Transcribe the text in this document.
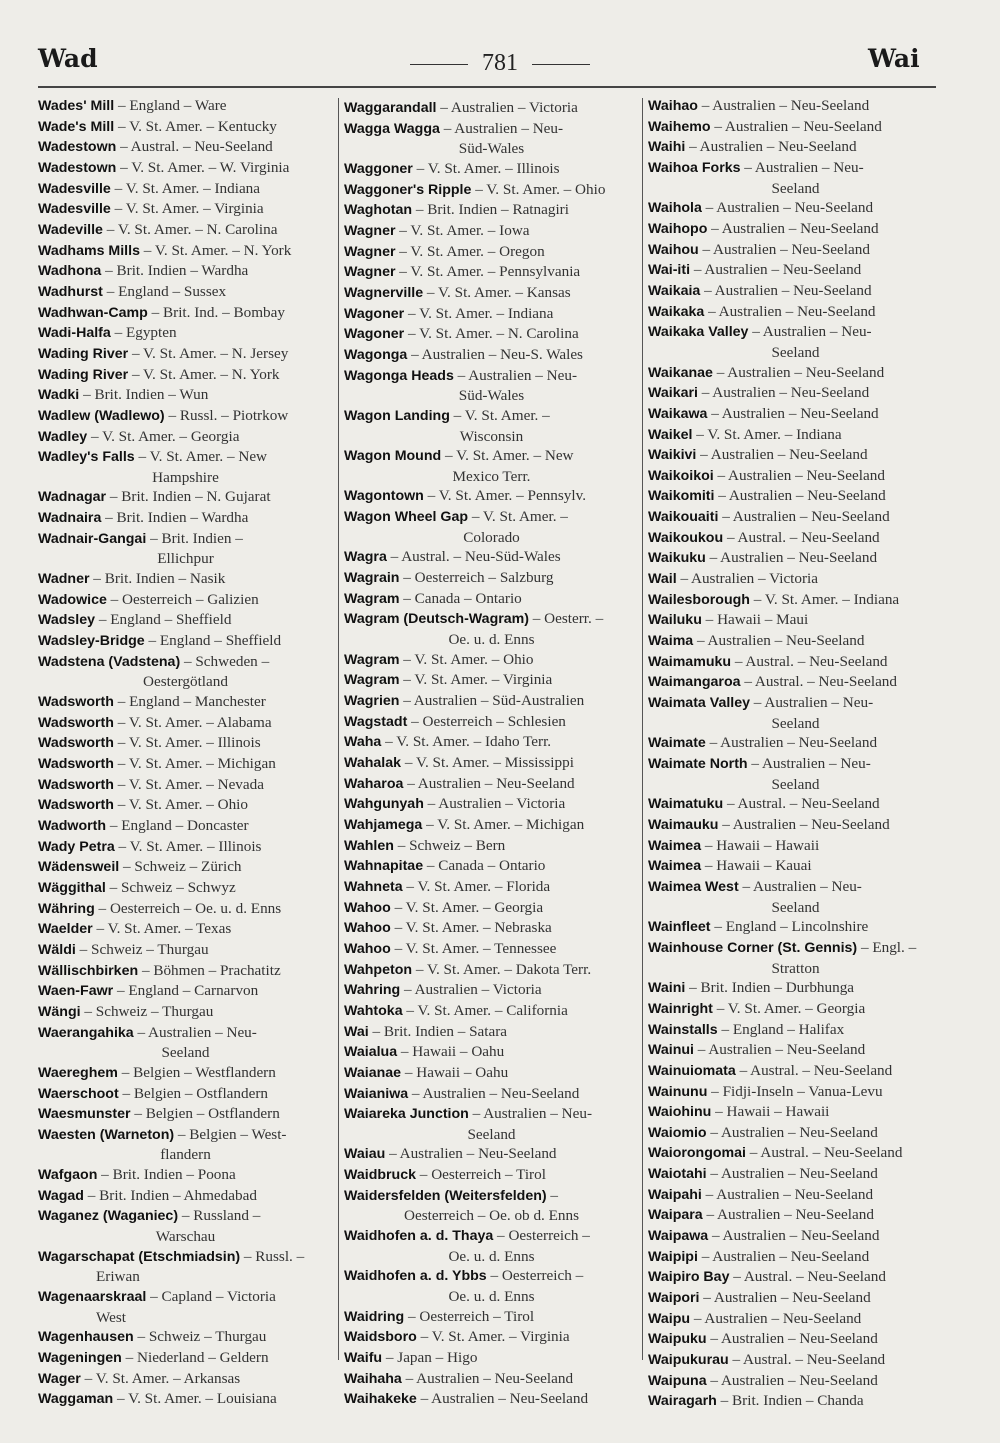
Wad	781	Wai
Wades' Mill – England – Ware
Wade's Mill – V. St. Amer. – Kentucky
Wadestown – Austral. – Neu-Seeland
Wadestown – V. St. Amer. – W. Virginia
Wadesville – V. St. Amer. – Indiana
Wadesville – V. St. Amer. – Virginia
Wadeville – V. St. Amer. – N. Carolina
Wadhams Mills – V. St. Amer. – N. York
Wadhona – Brit. Indien – Wardha
Wadhurst – England – Sussex
Wadhwan-Camp – Brit. Ind. – Bombay
Wadi-Halfa – Egypten
Wading River – V. St. Amer. – N. Jersey
Wading River – V. St. Amer. – N. York
Wadki – Brit. Indien – Wun
Wadlew (Wadlewo) – Russl. – Piotrkow
Wadley – V. St. Amer. – Georgia
Wadley's Falls – V. St. Amer. – New
Hampshire
Wadnagar – Brit. Indien – N. Gujarat
Wadnaira – Brit. Indien – Wardha
Wadnair-Gangai – Brit. Indien –
Ellichpur
Wadner – Brit. Indien – Nasik
Wadowice – Oesterreich – Galizien
Wadsley – England – Sheffield
Wadsley-Bridge – England – Sheffield
Wadstena (Vadstena) – Schweden –
Oestergötland
Wadsworth – England – Manchester
Wadsworth – V. St. Amer. – Alabama
Wadsworth – V. St. Amer. – Illinois
Wadsworth – V. St. Amer. – Michigan
Wadsworth – V. St. Amer. – Nevada
Wadsworth – V. St. Amer. – Ohio
Wadworth – England – Doncaster
Wady Petra – V. St. Amer. – Illinois
Wädensweil – Schweiz – Zürich
Wäggithal – Schweiz – Schwyz
Währing – Oesterreich – Oe. u. d. Enns
Waelder – V. St. Amer. – Texas
Wäldi – Schweiz – Thurgau
Wällischbirken – Böhmen – Prachatitz
Waen-Fawr – England – Carnarvon
Wängi – Schweiz – Thurgau
Waerangahika – Australien – Neu-
Seeland
Waereghem – Belgien – Westflandern
Waerschoot – Belgien – Ostflandern
Waesmunster – Belgien – Ostflandern
Waesten (Warneton) – Belgien – West-
flandern
Wafgaon – Brit. Indien – Poona
Wagad – Brit. Indien – Ahmedabad
Waganez (Waganiec) – Russland –
Warschau
Wagarschapat (Etschmiadsin) – Russl. –
Eriwan
Wagenaarskraal – Capland – Victoria
West
Wagenhausen – Schweiz – Thurgau
Wageningen – Niederland – Geldern
Wager – V. St. Amer. – Arkansas
Waggaman – V. St. Amer. – Louisiana
Waggarandall – Australien – Victoria
Wagga Wagga – Australien – Neu-
Süd-Wales
Waggoner – V. St. Amer. – Illinois
Waggoner's Ripple – V. St. Amer. – Ohio
Waghotan – Brit. Indien – Ratnagiri
Wagner – V. St. Amer. – Iowa
Wagner – V. St. Amer. – Oregon
Wagner – V. St. Amer. – Pennsylvania
Wagnerville – V. St. Amer. – Kansas
Wagoner – V. St. Amer. – Indiana
Wagoner – V. St. Amer. – N. Carolina
Wagonga – Australien – Neu-S. Wales
Wagonga Heads – Australien – Neu-
Süd-Wales
Wagon Landing – V. St. Amer. –
Wisconsin
Wagon Mound – V. St. Amer. – New
Mexico Terr.
Wagontown – V. St. Amer. – Pennsylv.
Wagon Wheel Gap – V. St. Amer. –
Colorado
Wagra – Austral. – Neu-Süd-Wales
Wagrain – Oesterreich – Salzburg
Wagram – Canada – Ontario
Wagram (Deutsch-Wagram) – Oesterr. –
Oe. u. d. Enns
Wagram – V. St. Amer. – Ohio
Wagram – V. St. Amer. – Virginia
Wagrien – Australien – Süd-Australien
Wagstadt – Oesterreich – Schlesien
Waha – V. St. Amer. – Idaho Terr.
Wahalak – V. St. Amer. – Mississippi
Waharoa – Australien – Neu-Seeland
Wahgunyah – Australien – Victoria
Wahjamega – V. St. Amer. – Michigan
Wahlen – Schweiz – Bern
Wahnapitae – Canada – Ontario
Wahneta – V. St. Amer. – Florida
Wahoo – V. St. Amer. – Georgia
Wahoo – V. St. Amer. – Nebraska
Wahoo – V. St. Amer. – Tennessee
Wahpeton – V. St. Amer. – Dakota Terr.
Wahring – Australien – Victoria
Wahtoka – V. St. Amer. – California
Wai – Brit. Indien – Satara
Waialua – Hawaii – Oahu
Waianae – Hawaii – Oahu
Waianiwa – Australien – Neu-Seeland
Waiareka Junction – Australien – Neu-
Seeland
Waiau – Australien – Neu-Seeland
Waidbruck – Oesterreich – Tirol
Waidersfelden (Weitersfelden) –
Oesterreich – Oe. ob d. Enns
Waidhofen a. d. Thaya – Oesterreich –
Oe. u. d. Enns
Waidhofen a. d. Ybbs – Oesterreich –
Oe. u. d. Enns
Waidring – Oesterreich – Tirol
Waidsboro – V. St. Amer. – Virginia
Waifu – Japan – Higo
Waihaha – Australien – Neu-Seeland
Waihakeke – Australien – Neu-Seeland
Waihao – Australien – Neu-Seeland
Waihemo – Australien – Neu-Seeland
Waihi – Australien – Neu-Seeland
Waihoa Forks – Australien – Neu-
Seeland
Waihola – Australien – Neu-Seeland
Waihopo – Australien – Neu-Seeland
Waihou – Australien – Neu-Seeland
Wai-iti – Australien – Neu-Seeland
Waikaia – Australien – Neu-Seeland
Waikaka – Australien – Neu-Seeland
Waikaka Valley – Australien – Neu-
Seeland
Waikanae – Australien – Neu-Seeland
Waikari – Australien – Neu-Seeland
Waikawa – Australien – Neu-Seeland
Waikel – V. St. Amer. – Indiana
Waikivi – Australien – Neu-Seeland
Waikoikoi – Australien – Neu-Seeland
Waikomiti – Australien – Neu-Seeland
Waikouaiti – Australien – Neu-Seeland
Waikoukou – Austral. – Neu-Seeland
Waikuku – Australien – Neu-Seeland
Wail – Australien – Victoria
Wailesborough – V. St. Amer. – Indiana
Wailuku – Hawaii – Maui
Waima – Australien – Neu-Seeland
Waimamuku – Austral. – Neu-Seeland
Waimangaroa – Austral. – Neu-Seeland
Waimata Valley – Australien – Neu-
Seeland
Waimate – Australien – Neu-Seeland
Waimate North – Australien – Neu-
Seeland
Waimatuku – Austral. – Neu-Seeland
Waimauku – Australien – Neu-Seeland
Waimea – Hawaii – Hawaii
Waimea – Hawaii – Kauai
Waimea West – Australien – Neu-
Seeland
Wainfleet – England – Lincolnshire
Wainhouse Corner (St. Gennis) – Engl. –
Stratton
Waini – Brit. Indien – Durbhunga
Wainright – V. St. Amer. – Georgia
Wainstalls – England – Halifax
Wainui – Australien – Neu-Seeland
Wainuiomata – Austral. – Neu-Seeland
Wainunu – Fidji-Inseln – Vanua-Levu
Waiohinu – Hawaii – Hawaii
Waiomio – Australien – Neu-Seeland
Waiorongomai – Austral. – Neu-Seeland
Waiotahi – Australien – Neu-Seeland
Waipahi – Australien – Neu-Seeland
Waipara – Australien – Neu-Seeland
Waipawa – Australien – Neu-Seeland
Waipipi – Australien – Neu-Seeland
Waipiro Bay – Austral. – Neu-Seeland
Waipori – Australien – Neu-Seeland
Waipu – Australien – Neu-Seeland
Waipuku – Australien – Neu-Seeland
Waipukurau – Austral. – Neu-Seeland
Waipuna – Australien – Neu-Seeland
Wairagarh – Brit. Indien – Chanda
